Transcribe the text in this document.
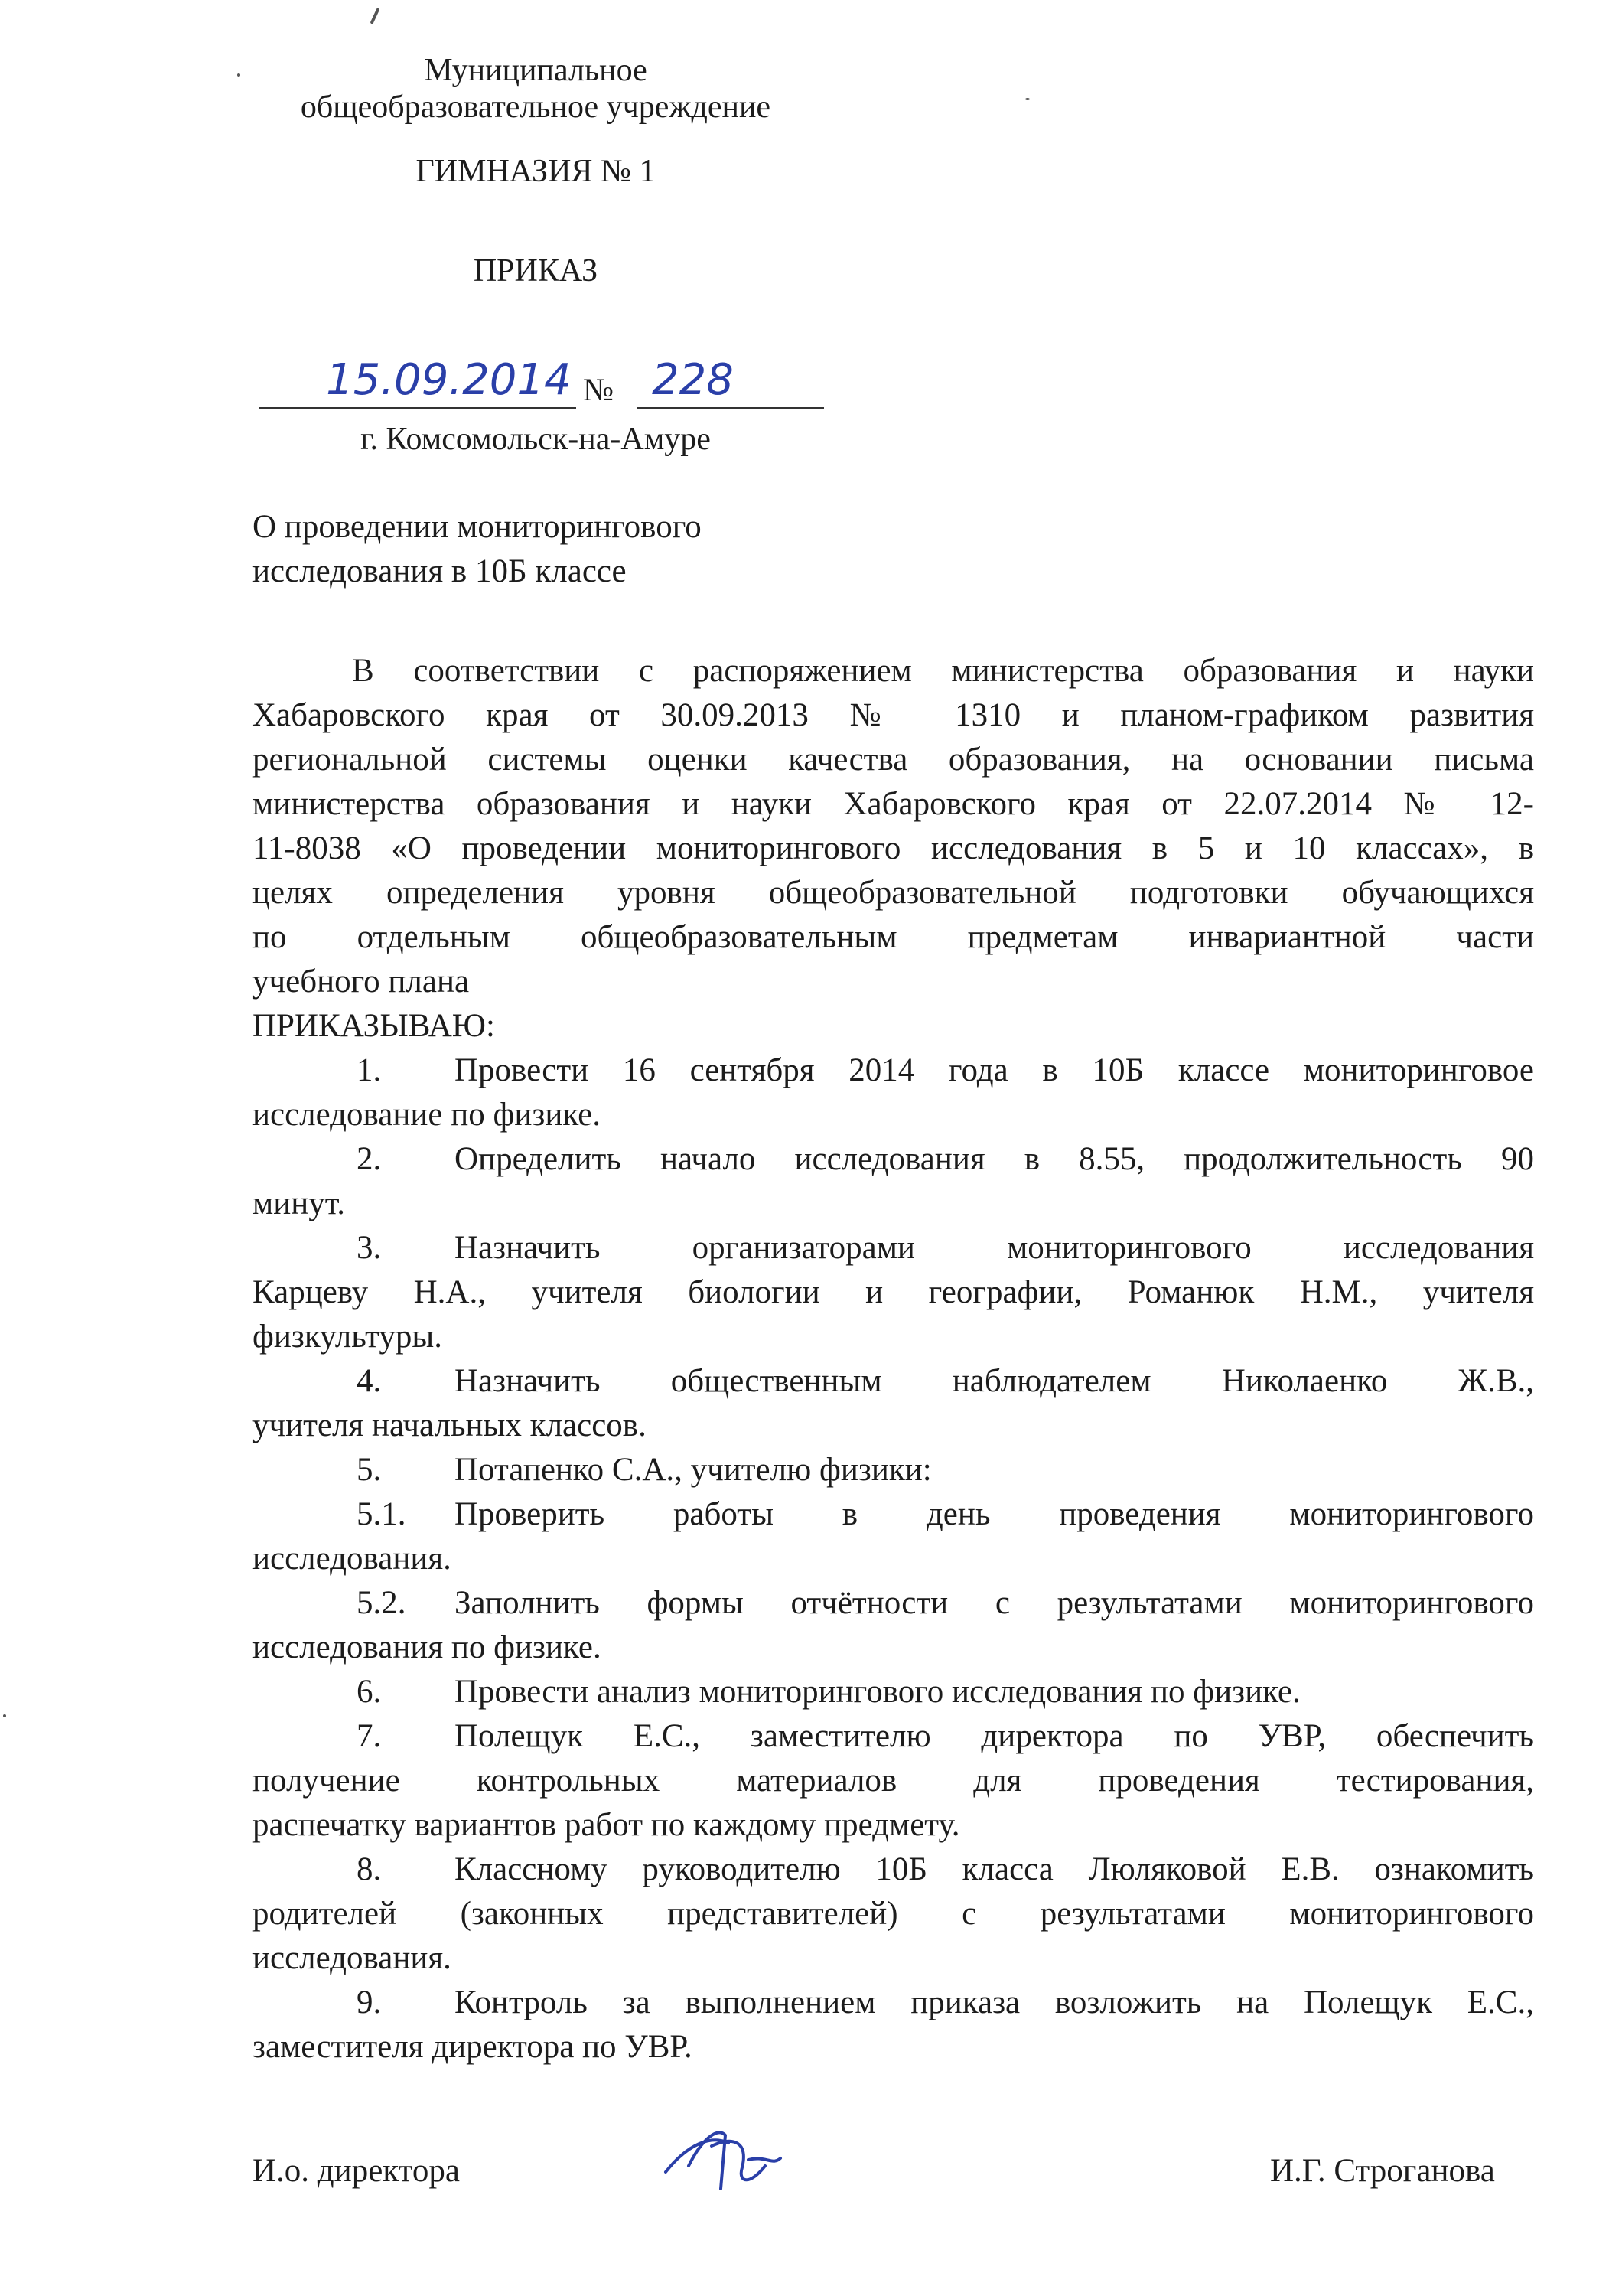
Муниципальное
общеобразовательное учреждение
ГИМНАЗИЯ № 1
ПРИКАЗ
15.09.2014 № 228
г. Комсомольск-на-Амуре
О проведении мониторингового
исследования в 10Б классе
В соответствии с распоряжением министерства образования и науки
Хабаровского края от 30.09.2013 № 1310 и планом-графиком развития
региональной системы оценки качества образования, на основании письма
министерства образования и науки Хабаровского края от 22.07.2014 № 12-
11-8038 «О проведении мониторингового исследования в 5 и 10 классах», в
целях определения уровня общеобразовательной подготовки обучающихся
по отдельным общеобразовательным предметам инвариантной части
учебного плана
ПРИКАЗЫВАЮ:
1. Провести 16 сентября 2014 года в 10Б классе мониторинговое
исследование по физике.
2. Определить начало исследования в 8.55, продолжительность 90
минут.
3. Назначить организаторами мониторингового исследования
Карцеву Н.А., учителя биологии и географии, Романюк Н.М., учителя
физкультуры.
4. Назначить общественным наблюдателем Николаенко Ж.В.,
учителя начальных классов.
5. Потапенко С.А., учителю физики:
5.1. Проверить работы в день проведения мониторингового
исследования.
5.2. Заполнить формы отчётности с результатами мониторингового
исследования по физике.
6. Провести анализ мониторингового исследования по физике.
7. Полещук Е.С., заместителю директора по УВР, обеспечить
получение контрольных материалов для проведения тестирования,
распечатку вариантов работ по каждому предмету.
8. Классному руководителю 10Б класса Люляковой Е.В. ознакомить
родителей (законных представителей) с результатами мониторингового
исследования.
9. Контроль за выполнением приказа возложить на Полещук Е.С.,
заместителя директора по УВР.
И.о. директора	И.Г. Строганова
